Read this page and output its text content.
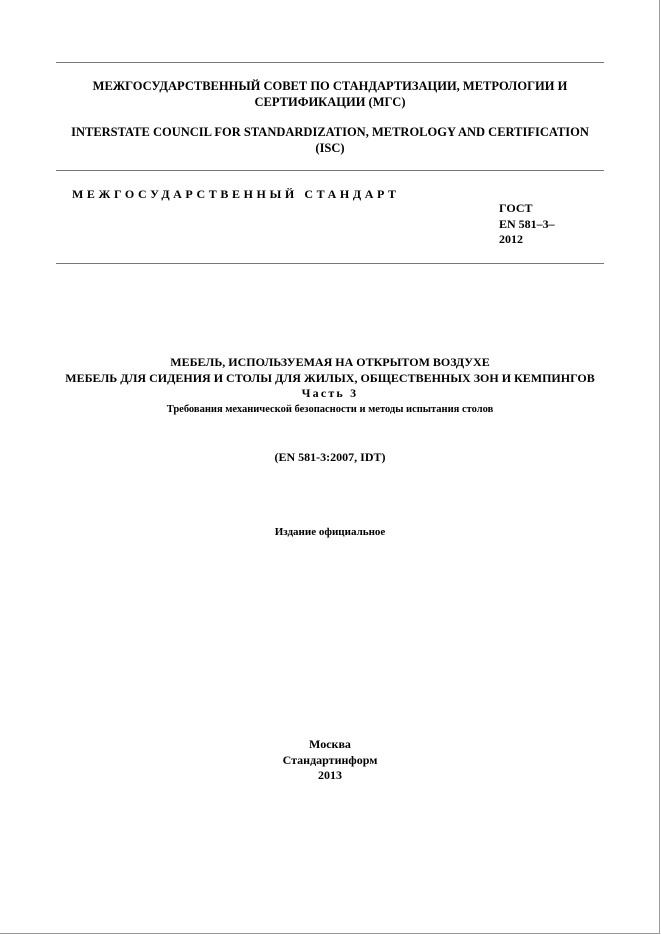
МЕЖГОСУДАРСТВЕННЫЙ СОВЕТ ПО СТАНДАРТИЗАЦИИ, МЕТРОЛОГИИ И СЕРТИФИКАЦИИ (МГС)
INTERSTATE COUNCIL FOR STANDARDIZATION, METROLOGY AND CERTIFICATION (ISC)
МЕЖГОСУДАРСТВЕННЫЙ СТАНДАРТ
ГОСТ
EN 581–3–
2012
МЕБЕЛЬ, ИСПОЛЬЗУЕМАЯ НА ОТКРЫТОМ ВОЗДУХЕ
МЕБЕЛЬ ДЛЯ СИДЕНИЯ И СТОЛЫ ДЛЯ ЖИЛЫХ, ОБЩЕСТВЕННЫХ ЗОН И КЕМПИНГОВ
Часть 3
Требования механической безопасности и методы испытания столов
(EN 581-3:2007, IDT)
Издание официальное
Москва
Стандартинформ
2013
